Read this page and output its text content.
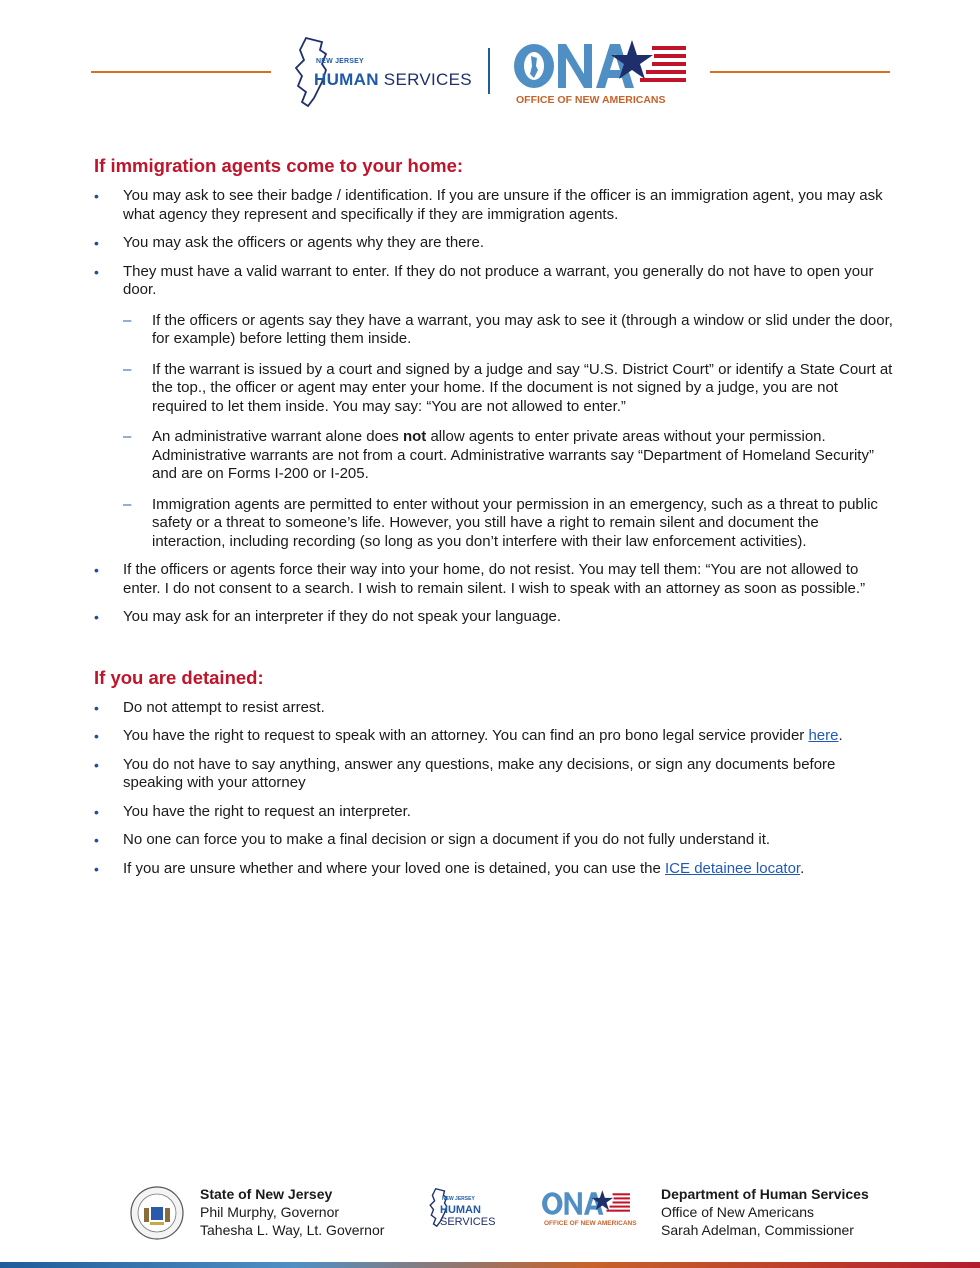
NEW JERSEY
HUMAN SERVICES
OFFICE OF NEW AMERICANS
If immigration agents come to your home:
• You may ask to see their badge / identification. If you are unsure if the officer is an immigration agent, you may ask what agency they represent and specifically if they are immigration agents.
• You may ask the officers or agents why they are there.
• They must have a valid warrant to enter. If they do not produce a warrant, you generally do not have to open your door.
– If the officers or agents say they have a warrant, you may ask to see it (through a window or slid under the door, for example) before letting them inside.
– If the warrant is issued by a court and signed by a judge and say “U.S. District Court” or identify a State Court at the top., the officer or agent may enter your home. If the document is not signed by a judge, you are not required to let them inside. You may say: “You are not allowed to enter.”
– An administrative warrant alone does not allow agents to enter private areas without your permission. Administrative warrants are not from a court. Administrative warrants say “Department of Homeland Security” and are on Forms I-200 or I-205.
– Immigration agents are permitted to enter without your permission in an emergency, such as a threat to public safety or a threat to someone’s life. However, you still have a right to remain silent and document the interaction, including recording (so long as you don’t interfere with their law enforcement activities).
• If the officers or agents force their way into your home, do not resist. You may tell them: “You are not allowed to enter. I do not consent to a search. I wish to remain silent. I wish to speak with an attorney as soon as possible.”
• You may ask for an interpreter if they do not speak your language.
If you are detained:
• Do not attempt to resist arrest.
• You have the right to request to speak with an attorney. You can find an pro bono legal service provider here.
• You do not have to say anything, answer any questions, make any decisions, or sign any documents before speaking with your attorney
• You have the right to request an interpreter.
• No one can force you to make a final decision or sign a document if you do not fully understand it.
• If you are unsure whether and where your loved one is detained, you can use the ICE detainee locator.
State of New Jersey
Phil Murphy, Governor
Tahesha L. Way, Lt. Governor
NEW JERSEY
HUMAN SERVICES	OFFICE OF NEW AMERICANS
Department of Human Services
Office of New Americans
Sarah Adelman, Commissioner
